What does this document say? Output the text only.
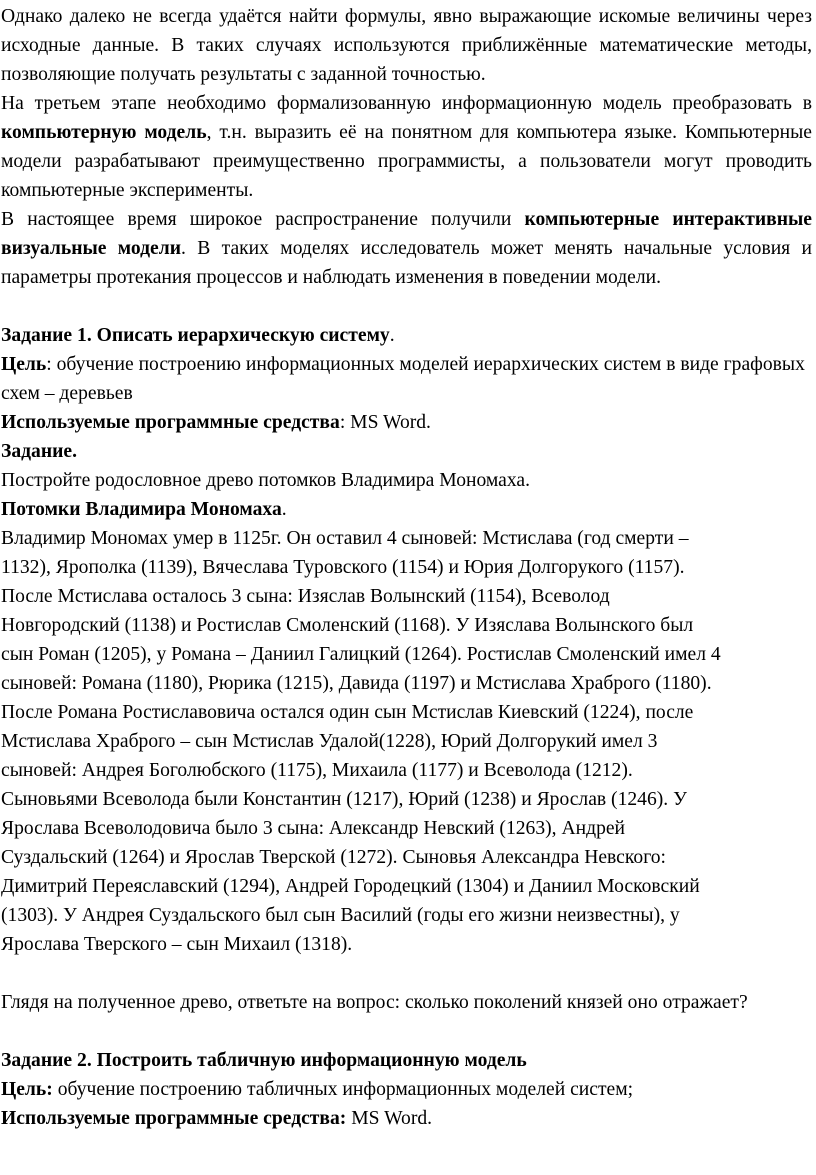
Однако далеко не всегда удаётся найти формулы, явно выражающие искомые величины через исходные данные. В таких случаях используются приближённые математические методы, позволяющие получать результаты с заданной точностью.

На третьем этапе необходимо формализованную информационную модель преобразовать в компьютерную модель, т.н. выразить её на понятном для компьютера языке. Компьютерные модели разрабатывают преимущественно программисты, а пользователи могут проводить компьютерные эксперименты.

В настоящее время широкое распространение получили компьютерные интерактивные визуальные модели. В таких моделях исследователь может менять начальные условия и параметры протекания процессов и наблюдать изменения в поведении модели.

Задание 1. Описать иерархическую систему.

Цель: обучение построению информационных моделей иерархических систем в виде графовых схем – деревьев

Используемые программные средства: MS Word.

Задание.

Постройте родословное древо потомков Владимира Мономаха.

Потомки Владимира Мономаха.

Владимир Мономах умер в 1125г. Он оставил 4 сыновей: Мстислава (год смерти –

1132), Ярополка (1139), Вячеслава Туровского (1154) и Юрия Долгорукого (1157).

После Мстислава осталось 3 сына: Изяслав Волынский (1154), Всеволод

Новгородский (1138) и Ростислав Смоленский (1168). У Изяслава Волынского был

сын Роман (1205), у Романа – Даниил Галицкий (1264). Ростислав Смоленский имел 4

сыновей: Романа (1180), Рюрика (1215), Давида (1197) и Мстислава Храброго (1180).

После Романа Ростиславовича остался один сын Мстислав Киевский (1224), после

Мстислава Храброго – сын Мстислав Удалой(1228), Юрий Долгорукий имел 3

сыновей: Андрея Боголюбского (1175), Михаила (1177) и Всеволода (1212).

Сыновьями Всеволода были Константин (1217), Юрий (1238) и Ярослав (1246). У

Ярослава Всеволодовича было 3 сына: Александр Невский (1263), Андрей

Суздальский (1264) и Ярослав Тверской (1272). Сыновья Александра Невского:

Димитрий Переяславский (1294), Андрей Городецкий (1304) и Даниил Московский

(1303). У Андрея Суздальского был сын Василий (годы его жизни неизвестны), у

Ярослава Тверского – сын Михаил (1318).

Глядя на полученное древо, ответьте на вопрос: сколько поколений князей оно отражает?

Задание 2. Построить табличную информационную модель

Цель: обучение построению табличных информационных моделей систем;

Используемые программные средства: MS Word.
